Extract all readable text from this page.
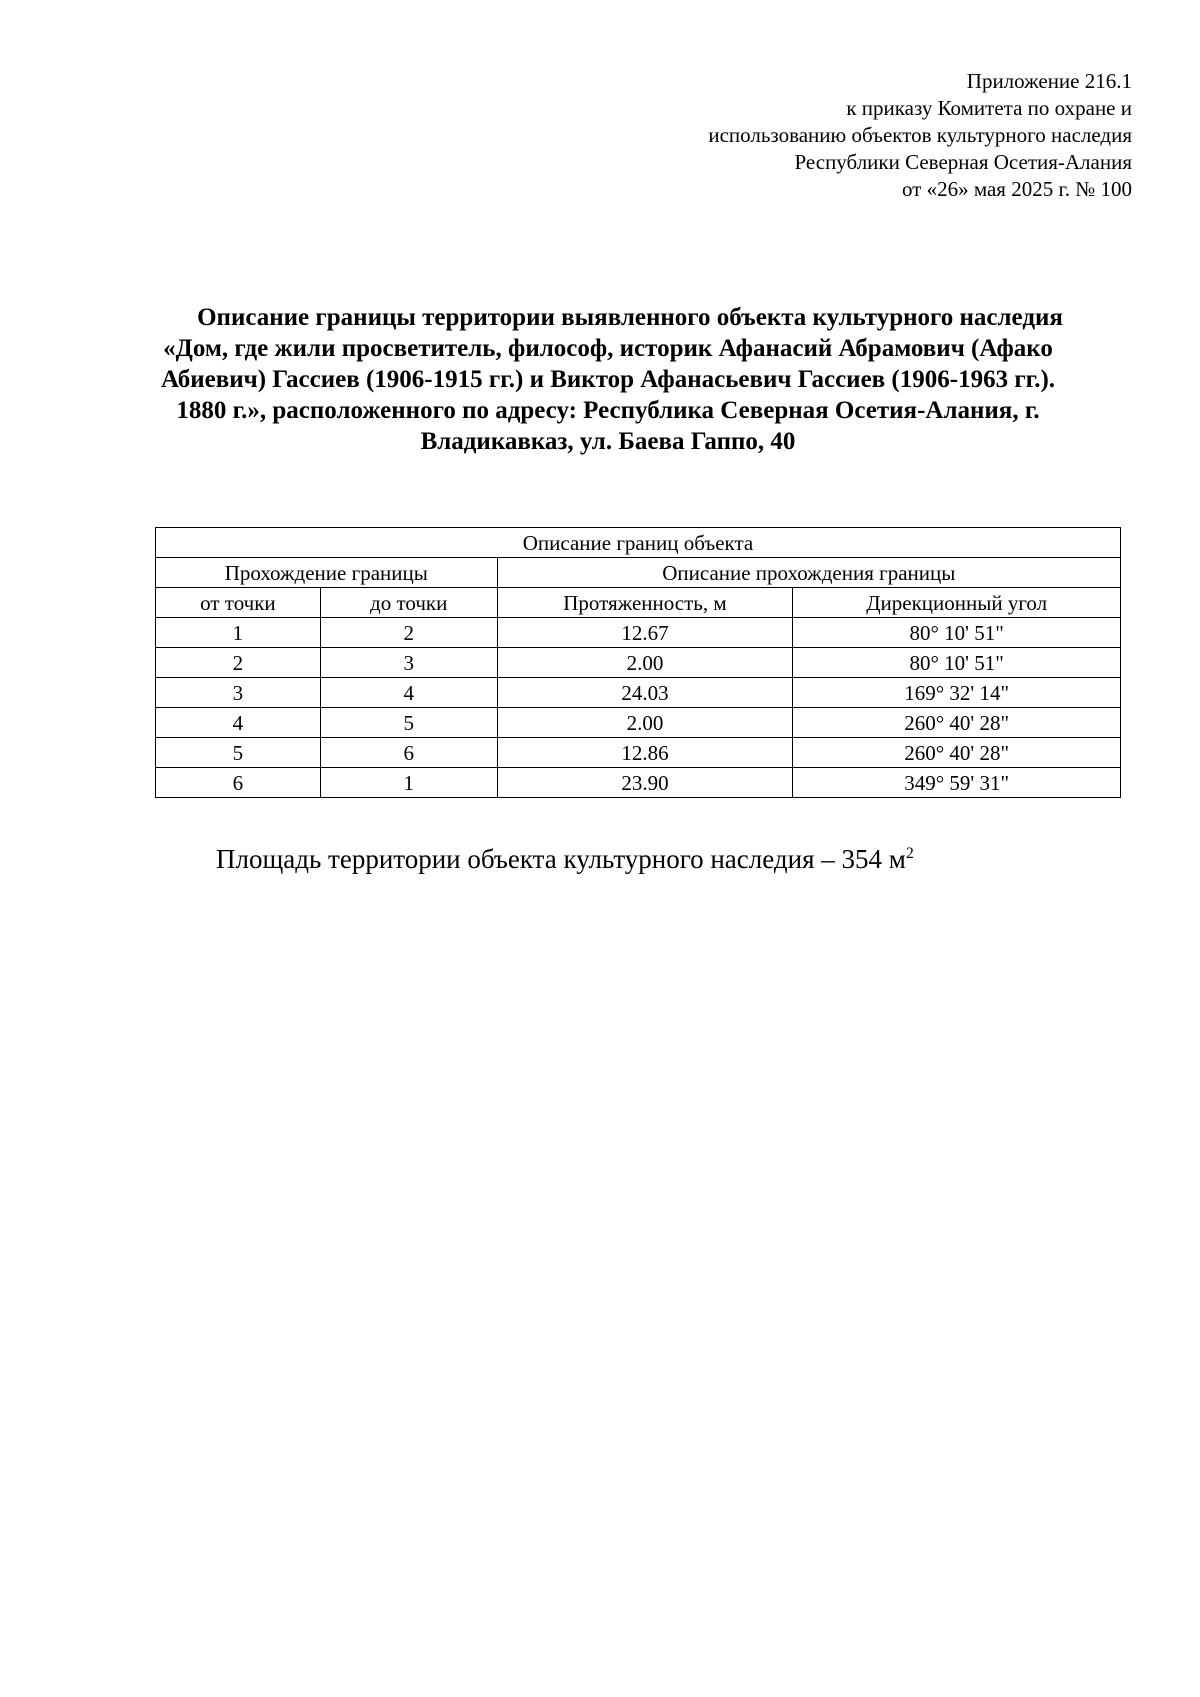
Приложение 216.1
к приказу Комитета по охране и
использованию объектов культурного наследия
Республики Северная Осетия-Алания
от «26» мая 2025 г. № 100
Описание границы территории выявленного объекта культурного наследия «Дом, где жили просветитель, философ, историк Афанасий Абрамович (Афако Абиевич) Гассиев (1906-1915 гг.) и Виктор Афанасьевич Гассиев (1906-1963 гг.). 1880 г.», расположенного по адресу: Республика Северная Осетия-Алания, г. Владикавказ, ул. Баева Гаппо, 40
Описание границ объекта			
Прохождение границы		Описание прохождения границы	
от точки	до точки	Протяженность, м	Дирекционный угол
1	2	12.67	80° 10' 51"
2	3	2.00	80° 10' 51"
3	4	24.03	169° 32' 14"
4	5	2.00	260° 40' 28"
5	6	12.86	260° 40' 28"
6	1	23.90	349° 59' 31"
Площадь территории объекта культурного наследия – 354 $м^2$
